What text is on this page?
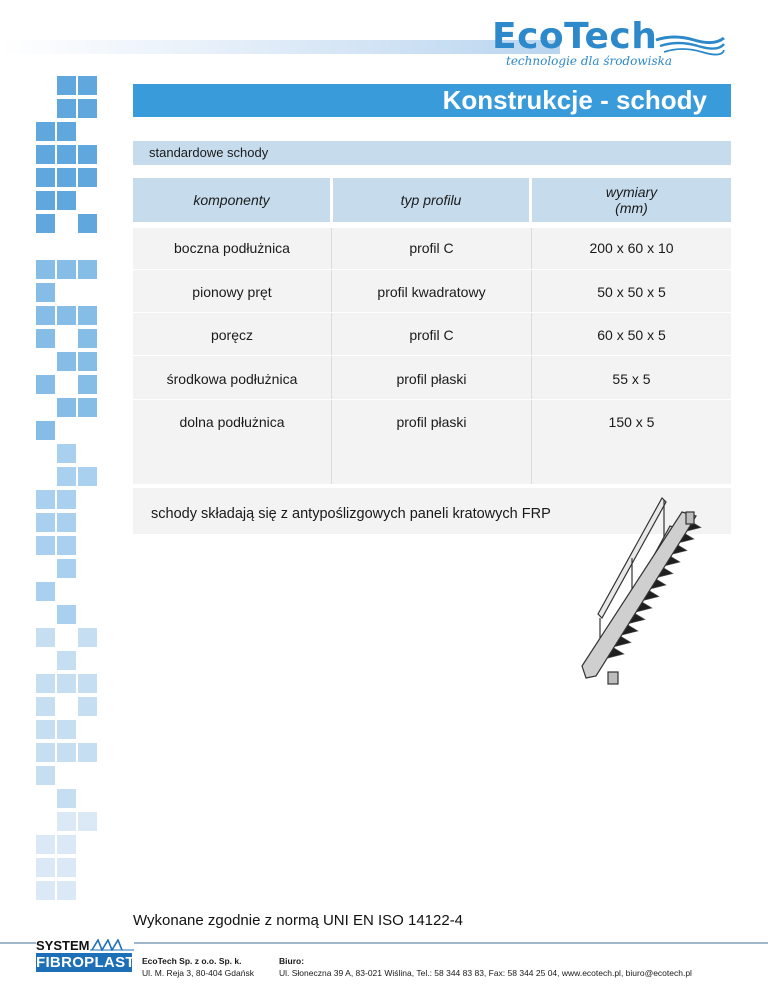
EcoTech
technologie dla środowiska
Konstrukcje - schody
standardowe schody
komponenty	typ profilu	wymiary
(mm)
boczna podłużnica	profil C	200 x 60 x 10
pionowy pręt	profil kwadratowy	50 x 50 x 5
poręcz	profil C	60 x 50 x 5
środkowa podłużnica	profil płaski	55 x 5
dolna podłużnica	profil płaski	150 x 5
schody składają się z antypoślizgowych paneli kratowych FRP
Wykonane zgodnie z normą UNI EN ISO 14122-4
SYSTEM
FIBROPLAST EcoTech Sp. z o.o. Sp. k.
Ul. M. Reja 3, 80-404 Gdańsk
Biuro:
Ul. Słoneczna 39 A, 83-021 Wiślina, Tel.: 58 344 83 83, Fax: 58 344 25 04, www.ecotech.pl, biuro@ecotech.pl
